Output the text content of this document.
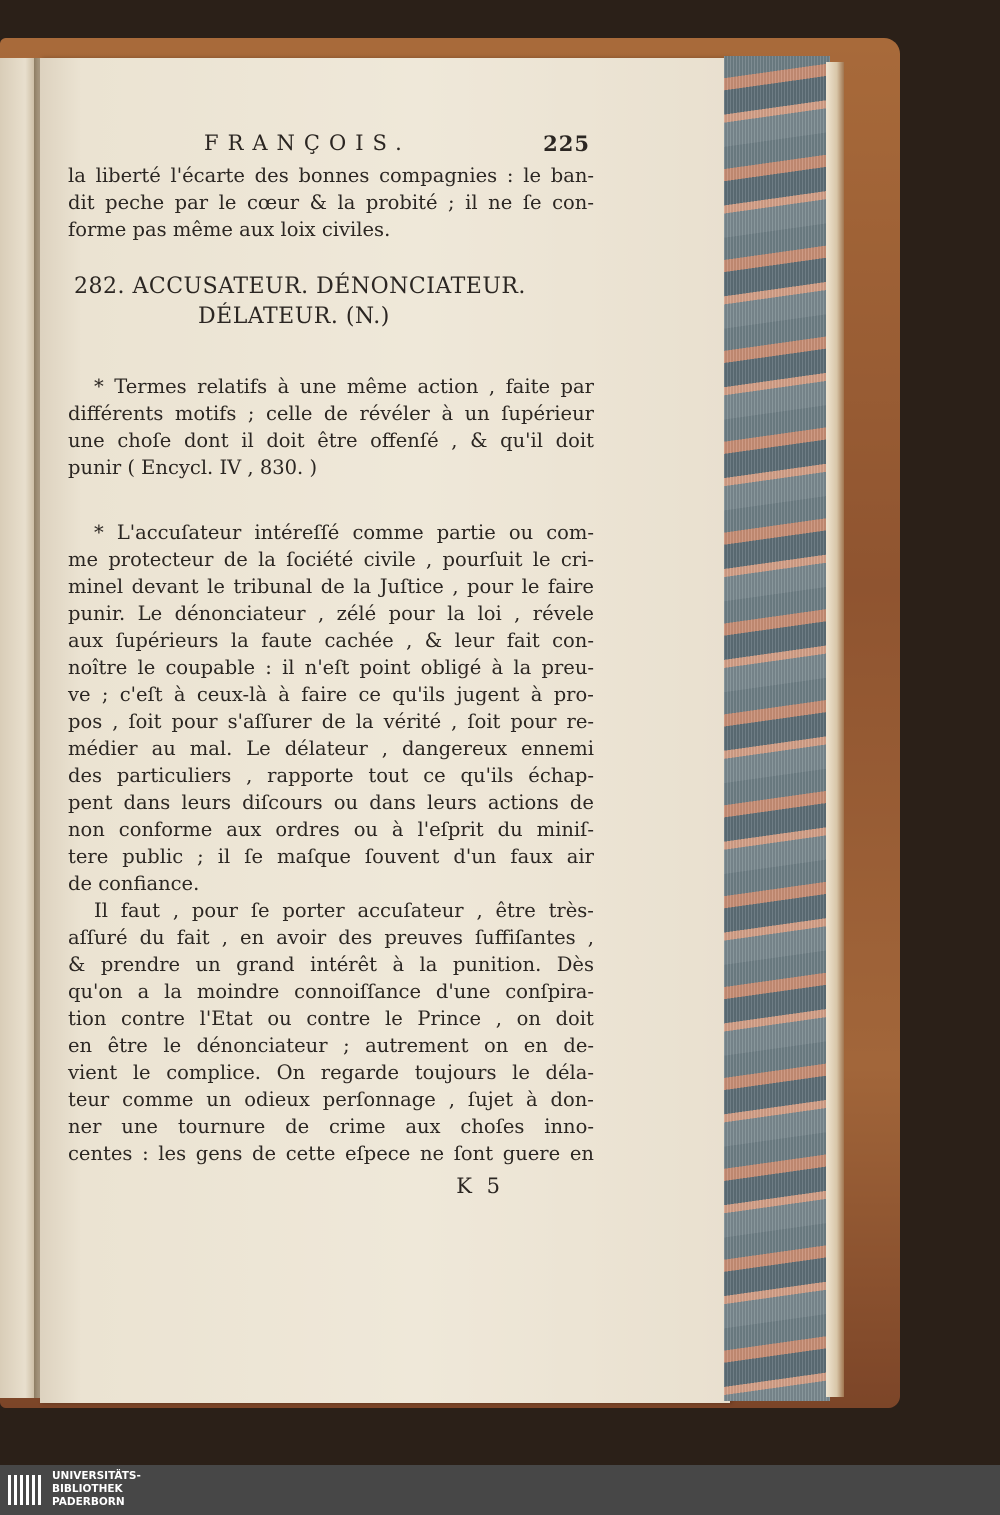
FRANÇOIS.	225
la liberté l'écarte des bonnes compagnies : le ban-
dit peche par le cœur & la probité ; il ne ſe con-
forme pas même aux loix civiles.
282. ACCUSATEUR. DÉNONCIATEUR.
DÉLATEUR. (N.)
* Termes relatifs à une même action , faite par
différents motifs ; celle de révéler à un ſupérieur
une choſe dont il doit être offenſé , & qu'il doit
punir ( Encycl. IV , 830. )
* L'accuſateur intéreſſé comme partie ou com-
me protecteur de la ſociété civile , pourſuit le cri-
minel devant le tribunal de la Juſtice , pour le faire
punir. Le dénonciateur , zélé pour la loi , révele
aux ſupérieurs la faute cachée , & leur fait con-
noître le coupable : il n'eſt point obligé à la preu-
ve ; c'eſt à ceux-là à faire ce qu'ils jugent à pro-
pos , ſoit pour s'aſſurer de la vérité , ſoit pour re-
médier au mal. Le délateur , dangereux ennemi
des particuliers , rapporte tout ce qu'ils échap-
pent dans leurs diſcours ou dans leurs actions de
non conforme aux ordres ou à l'eſprit du miniſ-
tere public ; il ſe maſque ſouvent d'un faux air
de confiance.
Il faut , pour ſe porter accuſateur , être très-
aſſuré du fait , en avoir des preuves ſuffiſantes ,
& prendre un grand intérêt à la punition. Dès
qu'on a la moindre connoiſſance d'une conſpira-
tion contre l'Etat ou contre le Prince , on doit
en être le dénonciateur ; autrement on en de-
vient le complice. On regarde toujours le déla-
teur comme un odieux perſonnage , ſujet à don-
ner une tournure de crime aux choſes inno-
centes : les gens de cette eſpece ne ſont guere en
K 5
UNIVERSITÄTS-
BIBLIOTHEK
PADERBORN
